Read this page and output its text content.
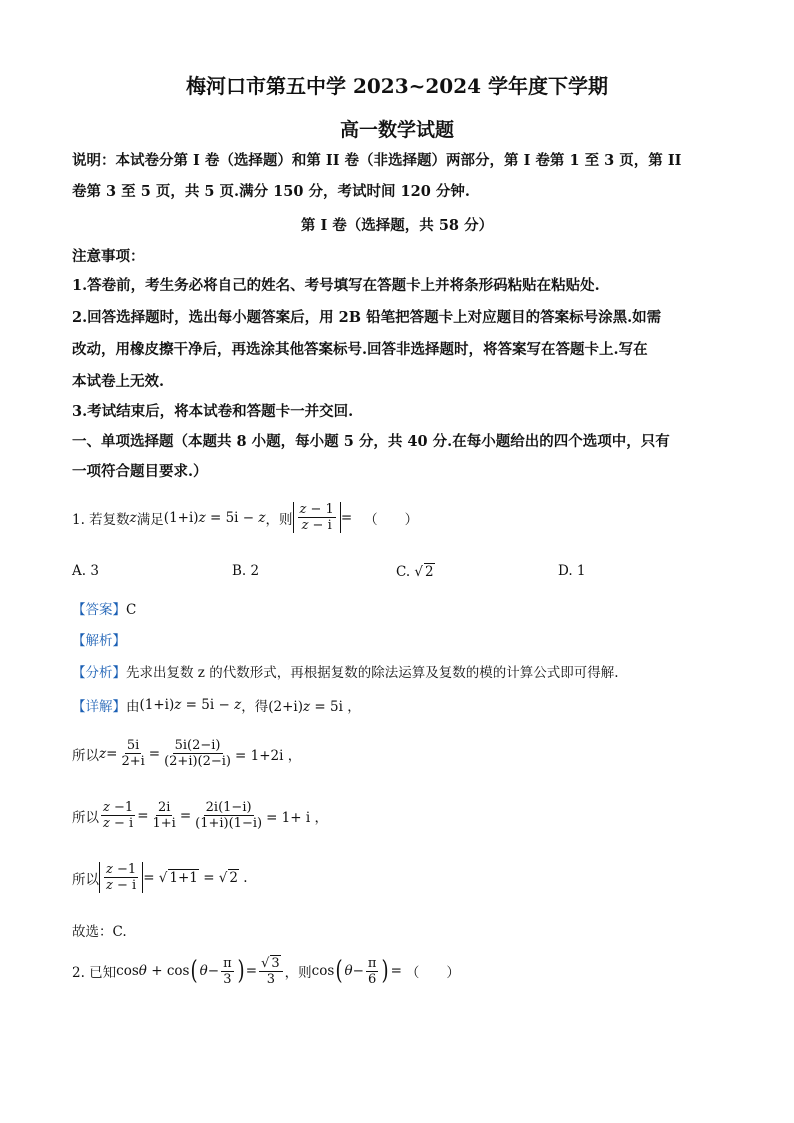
梅河口市第五中学 2023~2024 学年度下学期
高一数学试题
说明：本试卷分第 I 卷（选择题）和第 II 卷（非选择题）两部分，第 I 卷第 1 至 3 页，第 II
卷第 3 至 5 页，共 5 页.满分 150 分，考试时间 120 分钟.
第 I 卷（选择题，共 58 分）
注意事项：
1.答卷前，考生务必将自己的姓名、考号填写在答题卡上并将条形码粘贴在粘贴处.
2.回答选择题时，选出每小题答案后，用 2B 铅笔把答题卡上对应题目的答案标号涂黑.如需
改动，用橡皮擦干净后，再选涂其他答案标号.回答非选择题时，将答案写在答题卡上.写在
本试卷上无效.
3.考试结束后，将本试卷和答题卡一并交回.
一、单项选择题（本题共 8 小题，每小题 5 分，共 40 分.在每小题给出的四个选项中，只有
一项符合题目要求.）
1. 若复数 z 满足 (1+i)z = 5i − z ，则 $\frac{z - 1}{z - i}$ = （　　）
A. 3	B. 2	C. √ 2	D. 1
【答案】C
【解析】
【分析】先求出复数 z 的代数形式，再根据复数的除法运算及复数的模的计算公式即可得解.
【详解】 由 (1+i)z = 5i − z ，得 (2+i)z = 5i ，
所以 $z = \frac{5i}{2+i} = \frac{5i(2-i)}{(2+i)(2-i)} = 1+2i$ ，
所以 $\frac{z -1}{z - i} = \frac{2i}{1+i} = \frac{2i(1-i)}{(1+i)(1-i)} = 1+ i$ ，
所以 $\frac{z -1}{z - i}$ = √ 1+1 = √ 2 .
故选：C.
2. 已知 cosθ + cos ( $\theta - \frac{\pi}{3}$ ) = $\frac{√ 3}{3}$ ，则 cos ( $\theta - \frac{\pi}{6}$ ) = （　　）
